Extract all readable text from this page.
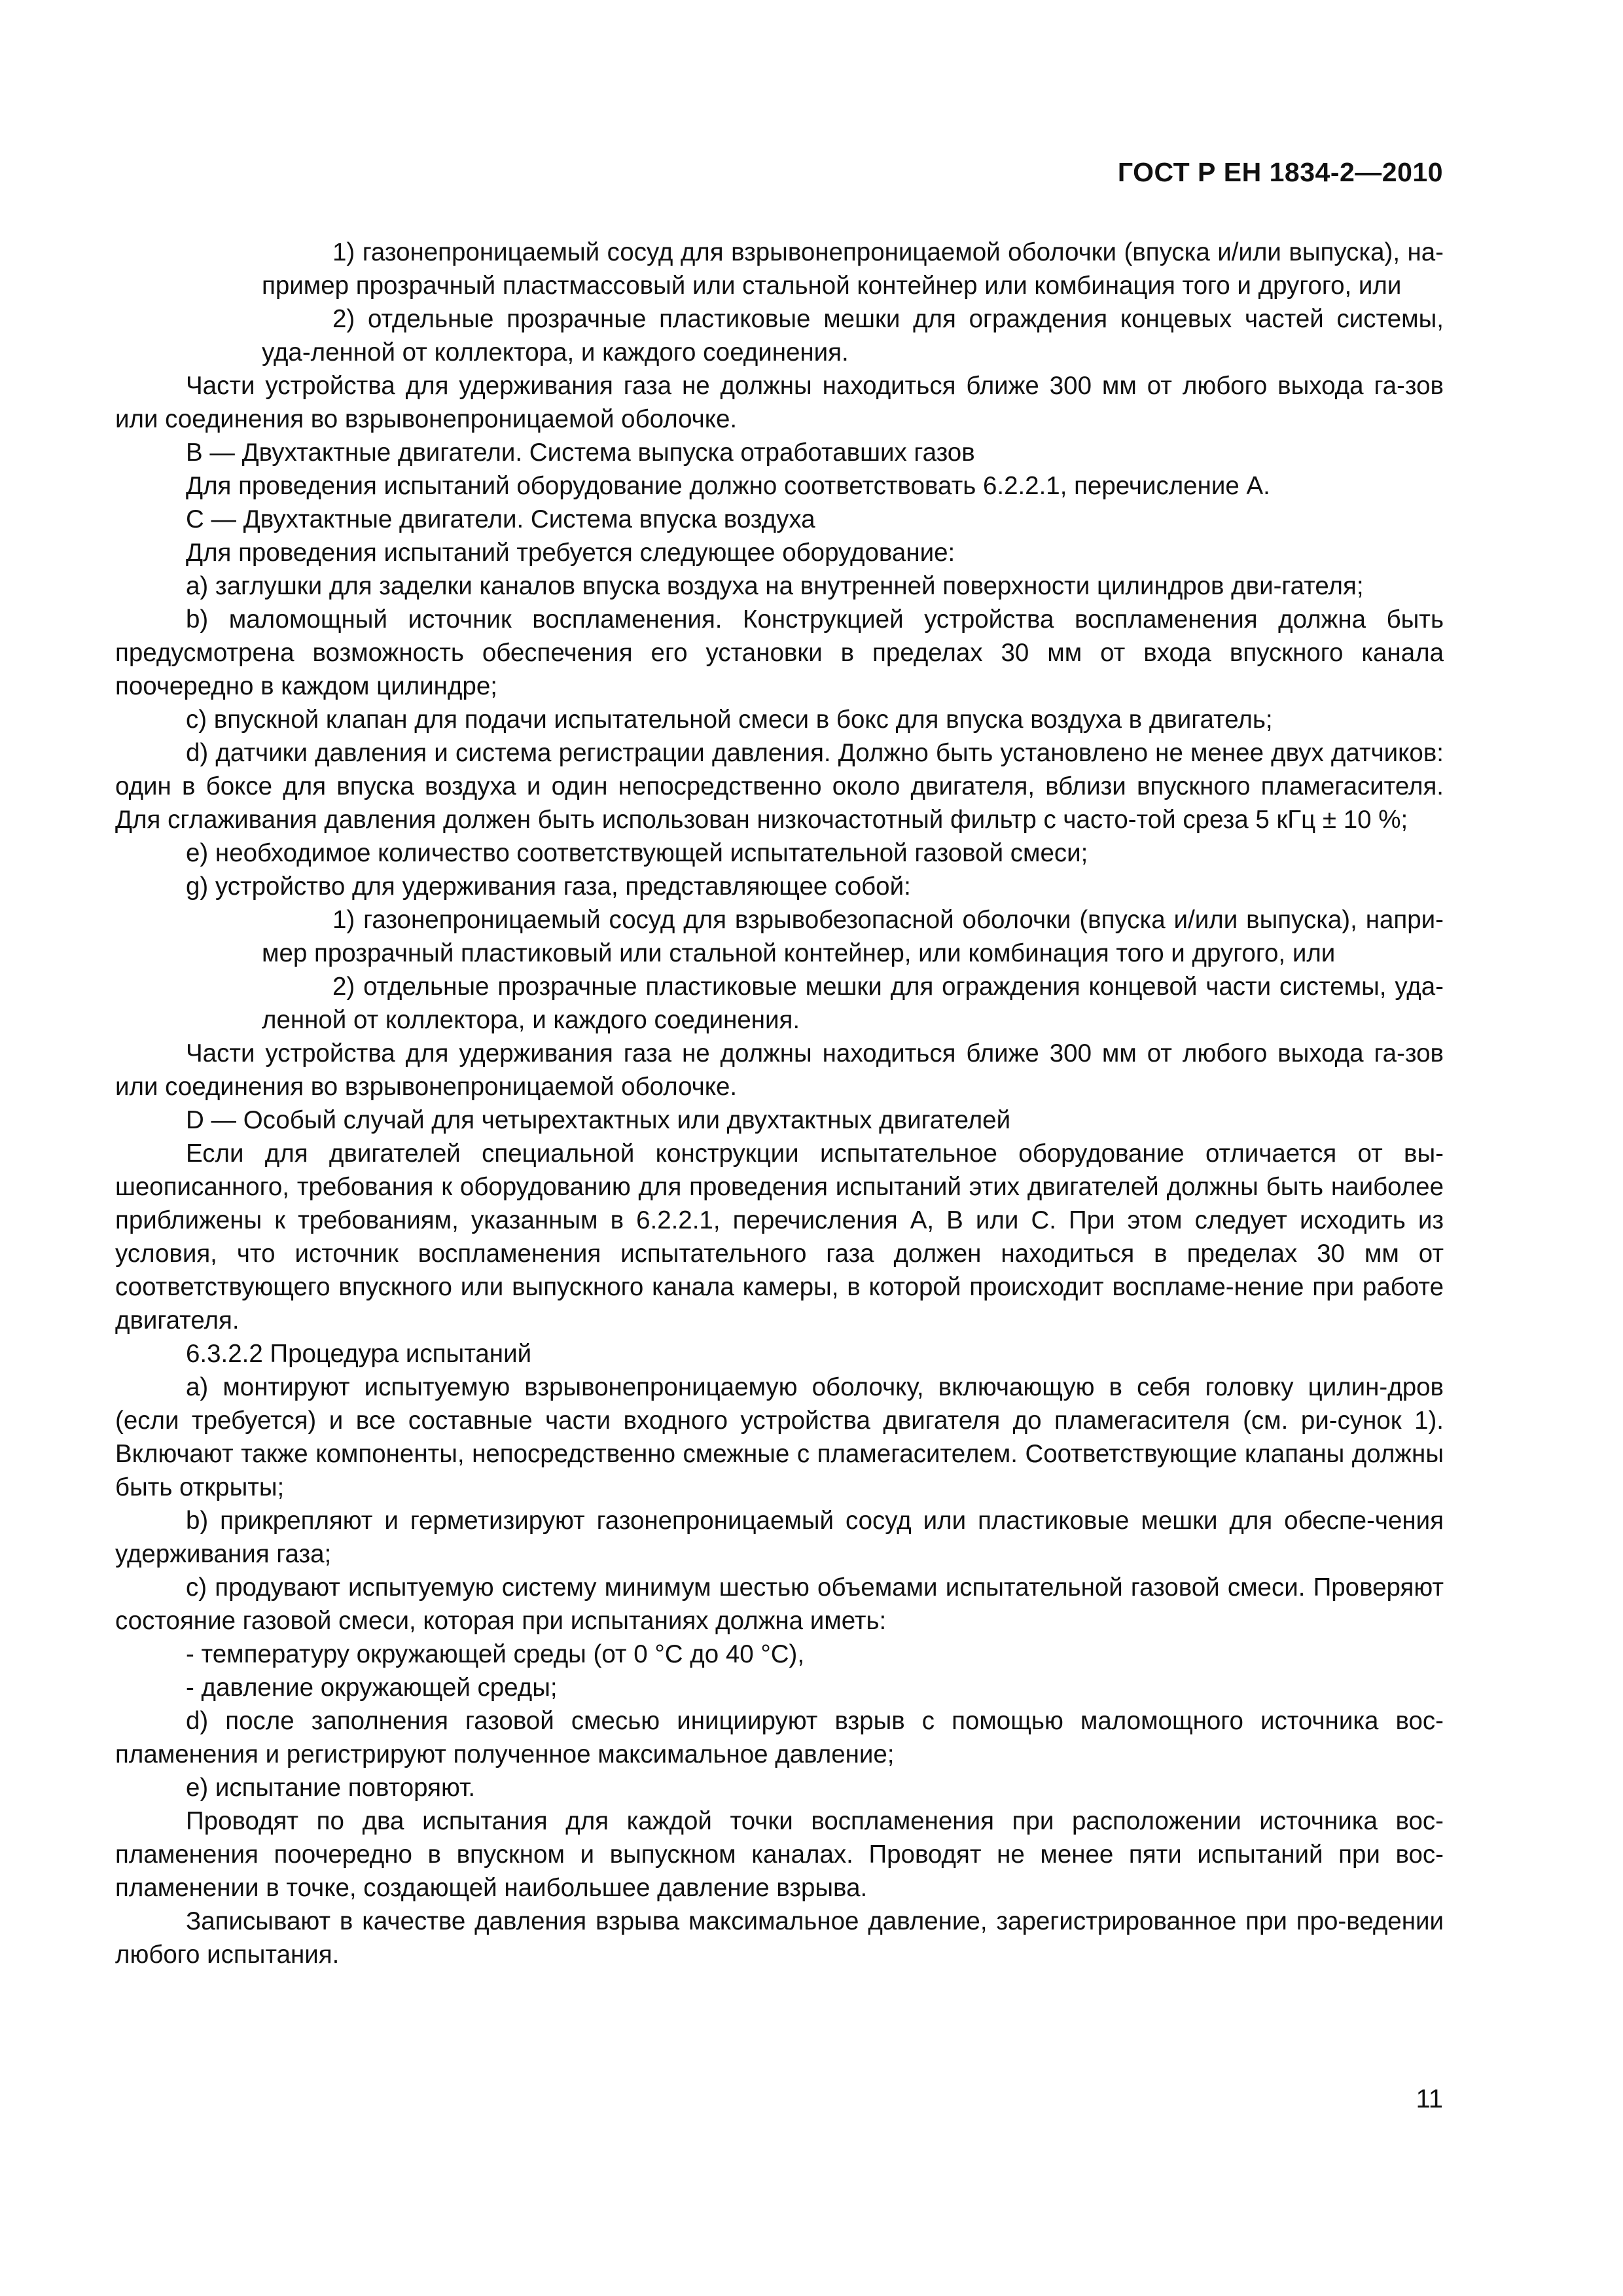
ГОСТ Р ЕН 1834-2—2010

1) газонепроницаемый сосуд для взрывонепроницаемой оболочки (впуска и/или выпуска), на-пример прозрачный пластмассовый или стальной контейнер или комбинация того и другого, или

2) отдельные прозрачные пластиковые мешки для ограждения концевых частей системы, уда-ленной от коллектора, и каждого соединения.

Части устройства для удерживания газа не должны находиться ближе 300 мм от любого выхода га-зов или соединения во взрывонепроницаемой оболочке.

B — Двухтактные двигатели. Система выпуска отработавших газов

Для проведения испытаний оборудование должно соответствовать 6.2.2.1, перечисление А.

C — Двухтактные двигатели. Система впуска воздуха

Для проведения испытаний требуется следующее оборудование:

a) заглушки для заделки каналов впуска воздуха на внутренней поверхности цилиндров дви-гателя;

b) маломощный источник воспламенения. Конструкцией устройства воспламенения должна быть предусмотрена возможность обеспечения его установки в пределах 30 мм от входа впускного канала поочередно в каждом цилиндре;

c) впускной клапан для подачи испытательной смеси в бокс для впуска воздуха в двигатель;

d) датчики давления и система регистрации давления. Должно быть установлено не менее двух датчиков: один в боксе для впуска воздуха и один непосредственно около двигателя, вблизи впускного пламегасителя. Для сглаживания давления должен быть использован низкочастотный фильтр с часто-той среза 5 кГц ± 10 %;

e) необходимое количество соответствующей испытательной газовой смеси;

g) устройство для удерживания газа, представляющее собой:

1) газонепроницаемый сосуд для взрывобезопасной оболочки (впуска и/или выпуска), напри-мер прозрачный пластиковый или стальной контейнер, или комбинация того и другого, или

2) отдельные прозрачные пластиковые мешки для ограждения концевой части системы, уда-ленной от коллектора, и каждого соединения.

Части устройства для удерживания газа не должны находиться ближе 300 мм от любого выхода га-зов или соединения во взрывонепроницаемой оболочке.

D — Особый случай для четырехтактных или двухтактных двигателей

Если для двигателей специальной конструкции испытательное оборудование отличается от вы-шеописанного, требования к оборудованию для проведения испытаний этих двигателей должны быть наиболее приближены к требованиям, указанным в 6.2.2.1, перечисления А, B или C. При этом следует исходить из условия, что источник воспламенения испытательного газа должен находиться в пределах 30 мм от соответствующего впускного или выпускного канала камеры, в которой происходит воспламе-нение при работе двигателя.

6.3.2.2 Процедура испытаний

a) монтируют испытуемую взрывонепроницаемую оболочку, включающую в себя головку цилин-дров (если требуется) и все составные части входного устройства двигателя до пламегасителя (см. ри-сунок 1). Включают также компоненты, непосредственно смежные с пламегасителем. Соответствующие клапаны должны быть открыты;

b) прикрепляют и герметизируют газонепроницаемый сосуд или пластиковые мешки для обеспе-чения удерживания газа;

c) продувают испытуемую систему минимум шестью объемами испытательной газовой смеси. Проверяют состояние газовой смеси, которая при испытаниях должна иметь:

- температуру окружающей среды (от 0 °C до 40 °C),

- давление окружающей среды;

d) после заполнения газовой смесью инициируют взрыв с помощью маломощного источника вос-пламенения и регистрируют полученное максимальное давление;

e) испытание повторяют.

Проводят по два испытания для каждой точки воспламенения при расположении источника вос-пламенения поочередно в впускном и выпускном каналах. Проводят не менее пяти испытаний при вос-пламенении в точке, создающей наибольшее давление взрыва.

Записывают в качестве давления взрыва максимальное давление, зарегистрированное при про-ведении любого испытания.

11
